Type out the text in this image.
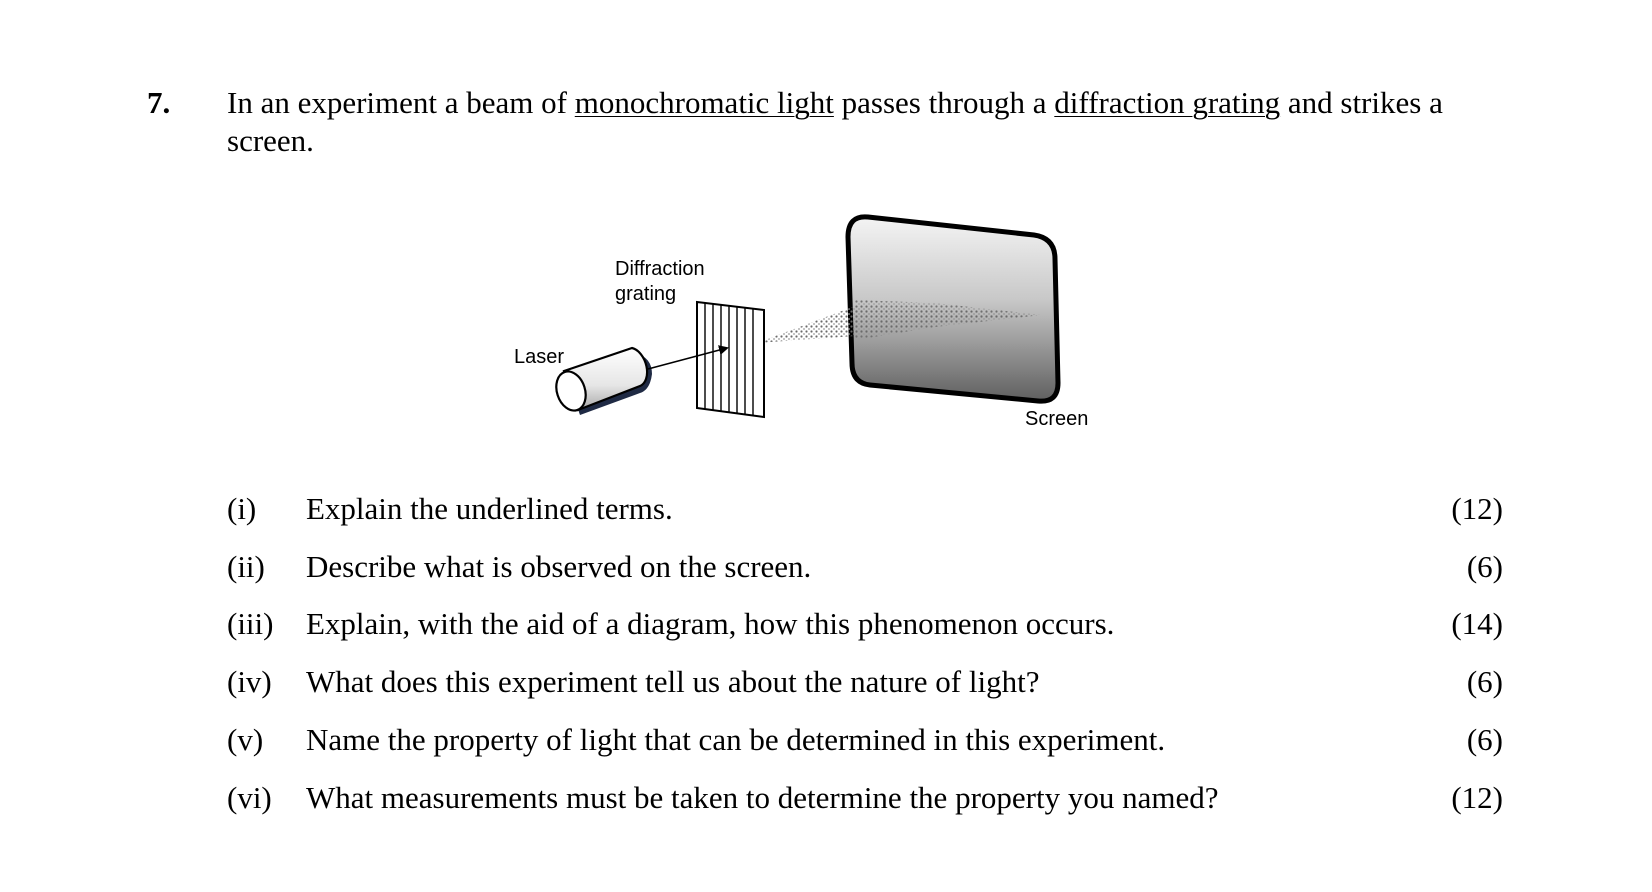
7. In an experiment a beam of monochromatic light passes through a diffraction grating and strikes a screen.
Diffraction
grating
Laser
Screen
(i) Explain the underlined terms.	(12)
(ii) Describe what is observed on the screen.	(6)
(iii) Explain, with the aid of a diagram, how this phenomenon occurs.	(14)
(iv) What does this experiment tell us about the nature of light?	(6)
(v) Name the property of light that can be determined in this experiment.	(6)
(vi) What measurements must be taken to determine the property you named?	(12)
